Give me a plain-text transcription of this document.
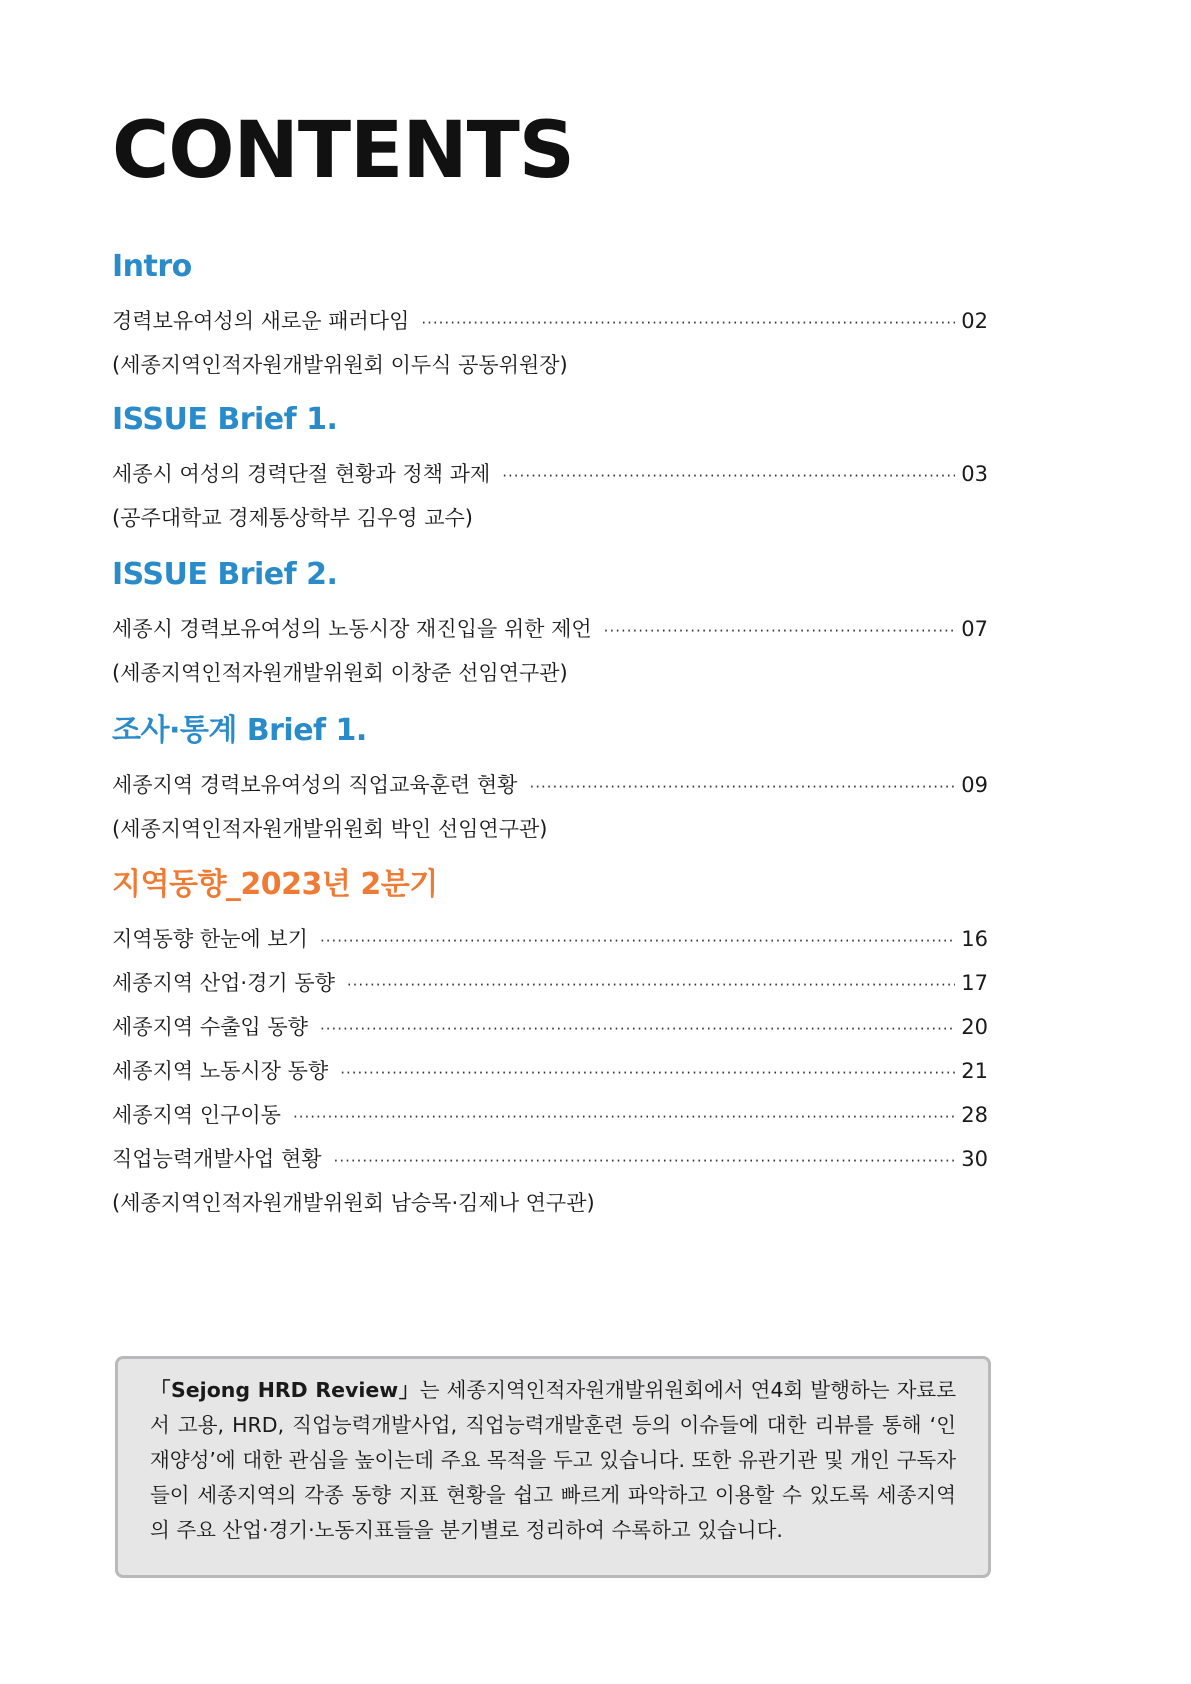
CONTENTS
Intro
경력보유여성의 새로운 패러다임 ·····	02
(세종지역인적자원개발위원회 이두식 공동위원장)
ISSUE Brief 1.
세종시 여성의 경력단절 현황과 정책 과제 ·····	03
(공주대학교 경제통상학부 김우영 교수)
ISSUE Brief 2.
세종시 경력보유여성의 노동시장 재진입을 위한 제언 ·····	07
(세종지역인적자원개발위원회 이창준 선임연구관)
조사·통계 Brief 1.
세종지역 경력보유여성의 직업교육훈련 현황 ·····	09
(세종지역인적자원개발위원회 박인 선임연구관)
지역동향_2023년 2분기
지역동향 한눈에 보기 ·····	16
세종지역 산업·경기 동향 ·····	17
세종지역 수출입 동향 ·····	20
세종지역 노동시장 동향 ·····	21
세종지역 인구이동 ·····	28
직업능력개발사업 현황 ·····	30
(세종지역인적자원개발위원회 남승목·김제나 연구관)

「Sejong HRD Review」는 세종지역인적자원개발위원회에서 연4회 발행하는 자료로서 고용, HRD, 직업능력개발사업, 직업능력개발훈련 등의 이슈들에 대한 리뷰를 통해 ‘인재양성’에 대한 관심을 높이는데 주요 목적을 두고 있습니다. 또한 유관기관 및 개인 구독자들이 세종지역의 각종 동향 지표 현황을 쉽고 빠르게 파악하고 이용할 수 있도록 세종지역의 주요 산업·경기·노동지표들을 분기별로 정리하여 수록하고 있습니다.
